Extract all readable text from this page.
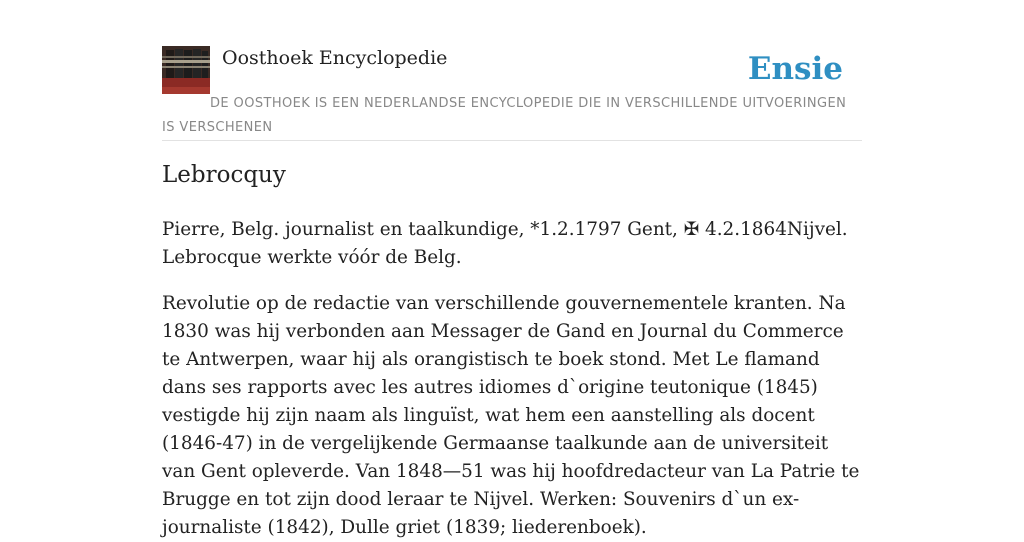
Oosthoek Encyclopedie	Ensie
DE OOSTHOEK IS EEN NEDERLANDSE ENCYCLOPEDIE DIE IN VERSCHILLENDE UITVOERINGEN IS VERSCHENEN
Lebrocquy

Pierre, Belg. journalist en taalkundige, *1.2.1797 Gent, ✠ 4.2.1864Nijvel. Lebrocque werkte vóór de Belg.

Revolutie op de redactie van verschillende gouvernementele kranten. Na 1830 was hij verbonden aan Messager de Gand en Journal du Commerce te Antwerpen, waar hij als orangistisch te boek stond. Met Le flamand dans ses rapports avec les autres idiomes d`origine teutonique (1845) vestigde hij zijn naam als linguïst, wat hem een aanstelling als docent (1846-47) in de vergelijkende Germaanse taalkunde aan de universiteit van Gent opleverde. Van 1848—51 was hij hoofdredacteur van La Patrie te Brugge en tot zijn dood leraar te Nijvel. Werken: Souvenirs d`un ex-journaliste (1842), Dulle griet (1839; liederenboek).
